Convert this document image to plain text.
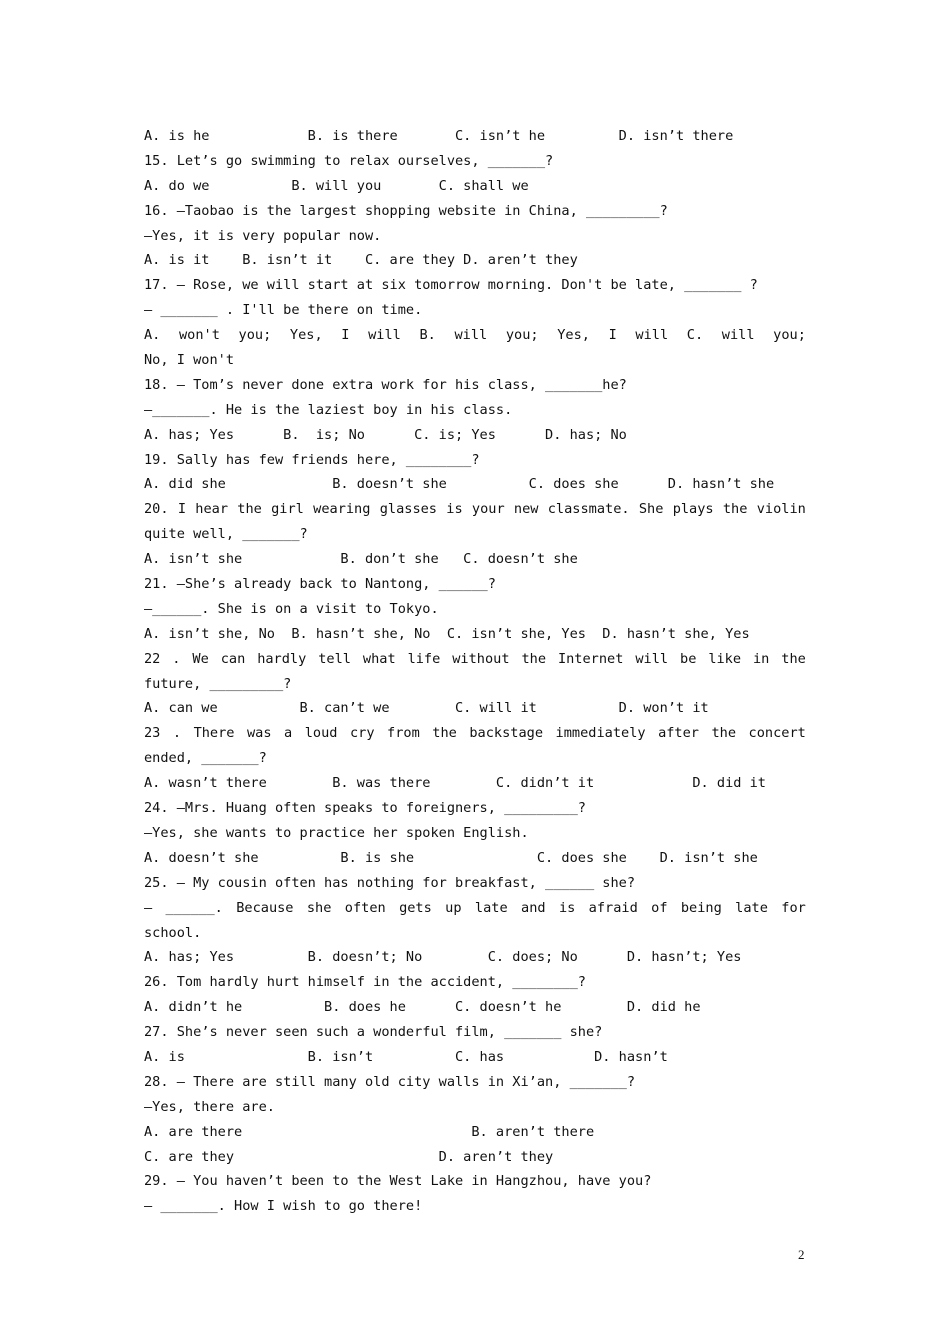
A. is he            B. is there       C. isn’t he         D. isn’t there
15. Let’s go swimming to relax ourselves, _______?
A. do we          B. will you       C. shall we
16. –Taobao is the largest shopping website in China, _________?
–Yes, it is very popular now.
A. is it    B. isn’t it    C. are they D. aren’t they
17. — Rose, we will start at six tomorrow morning. Don't be late, _______ ?
— _______ . I'll be there on time.
A. won't you; Yes, I will B. will you; Yes, I will C. will you;
No, I won't
18. — Tom’s never done extra work for his class, _______he?
—_______. He is the laziest boy in his class.
A. has; Yes      B.  is; No      C. is; Yes      D. has; No
19. Sally has few friends here, ________?
A. did she             B. doesn’t she          C. does she      D. hasn’t she
20. I hear the girl wearing glasses is your new classmate. She plays the violin
quite well, _______?
A. isn’t she            B. don’t she   C. doesn’t she
21. —She’s already back to Nantong, ______?
—______. She is on a visit to Tokyo.
A. isn’t she, No  B. hasn’t she, No  C. isn’t she, Yes  D. hasn’t she, Yes
22 . We can hardly tell what life without the Internet will be like in the
future, _________?
A. can we          B. can’t we        C. will it          D. won’t it
23 . There was a loud cry from the backstage immediately after the concert
ended, _______?
A. wasn’t there        B. was there        C. didn’t it            D. did it
24. –Mrs. Huang often speaks to foreigners, _________?
–Yes, she wants to practice her spoken English.
A. doesn’t she          B. is she               C. does she    D. isn’t she
25. — My cousin often has nothing for breakfast, ______ she?
— ______. Because she often gets up late and is afraid of being late for
school.
A. has; Yes         B. doesn’t; No        C. does; No      D. hasn’t; Yes
26. Tom hardly hurt himself in the accident, ________?
A. didn’t he          B. does he      C. doesn’t he        D. did he
27. She’s never seen such a wonderful film, _______ she?
A. is               B. isn’t          C. has           D. hasn’t
28. — There are still many old city walls in Xi’an, _______?
—Yes, there are.
A. are there                            B. aren’t there
C. are they                         D. aren’t they
29. — You haven’t been to the West Lake in Hangzhou, have you?
— _______. How I wish to go there!
2
